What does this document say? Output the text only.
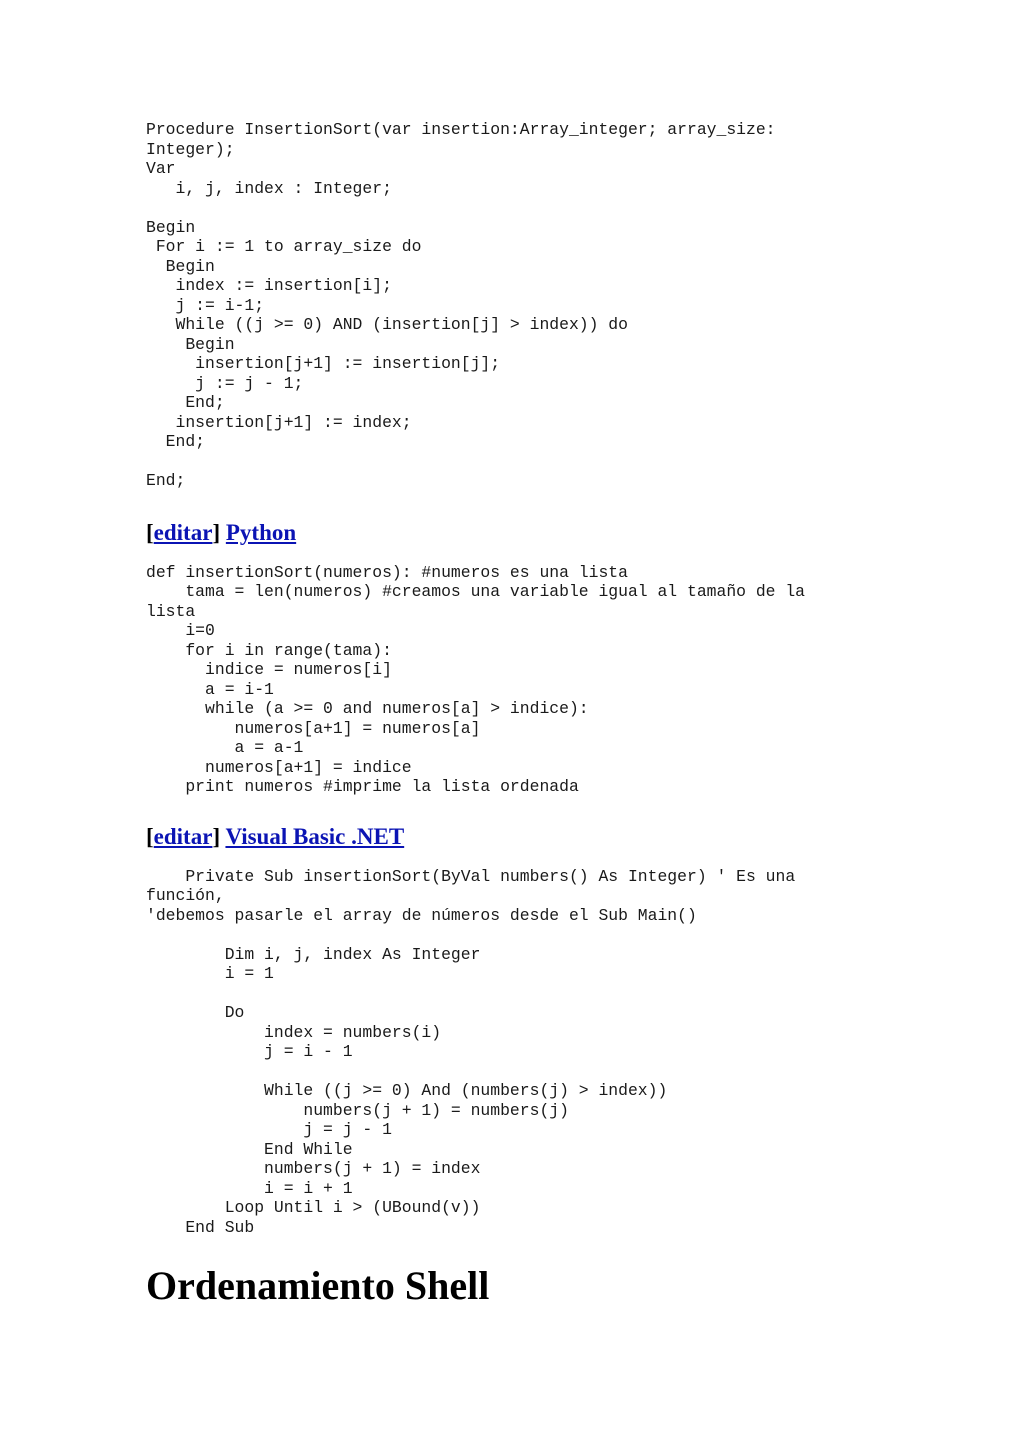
Procedure InsertionSort(var insertion:Array_integer; array_size:
Integer);
Var
i, j, index : Integer;
Begin
For i := 1 to array_size do
Begin
index := insertion[i];
j := i-1;
While ((j >= 0) AND (insertion[j] > index)) do
Begin
insertion[j+1] := insertion[j];
j := j - 1;
End;
insertion[j+1] := index;
End;
End;
[editar] Python
def insertionSort(numeros): #numeros es una lista
tama = len(numeros) #creamos una variable igual al tamaño de la
lista
i=0
for i in range(tama):
indice = numeros[i]
a = i-1
while (a >= 0 and numeros[a] > indice):
numeros[a+1] = numeros[a]
a = a-1
numeros[a+1] = indice
print numeros #imprime la lista ordenada
[editar] Visual Basic .NET
Private Sub insertionSort(ByVal numbers() As Integer) ' Es una
función,
'debemos pasarle el array de números desde el Sub Main()
Dim i, j, index As Integer
i = 1
Do
index = numbers(i)
j = i - 1
While ((j >= 0) And (numbers(j) > index))
numbers(j + 1) = numbers(j)
j = j - 1
End While
numbers(j + 1) = index
i = i + 1
Loop Until i > (UBound(v))
End Sub
Ordenamiento Shell
